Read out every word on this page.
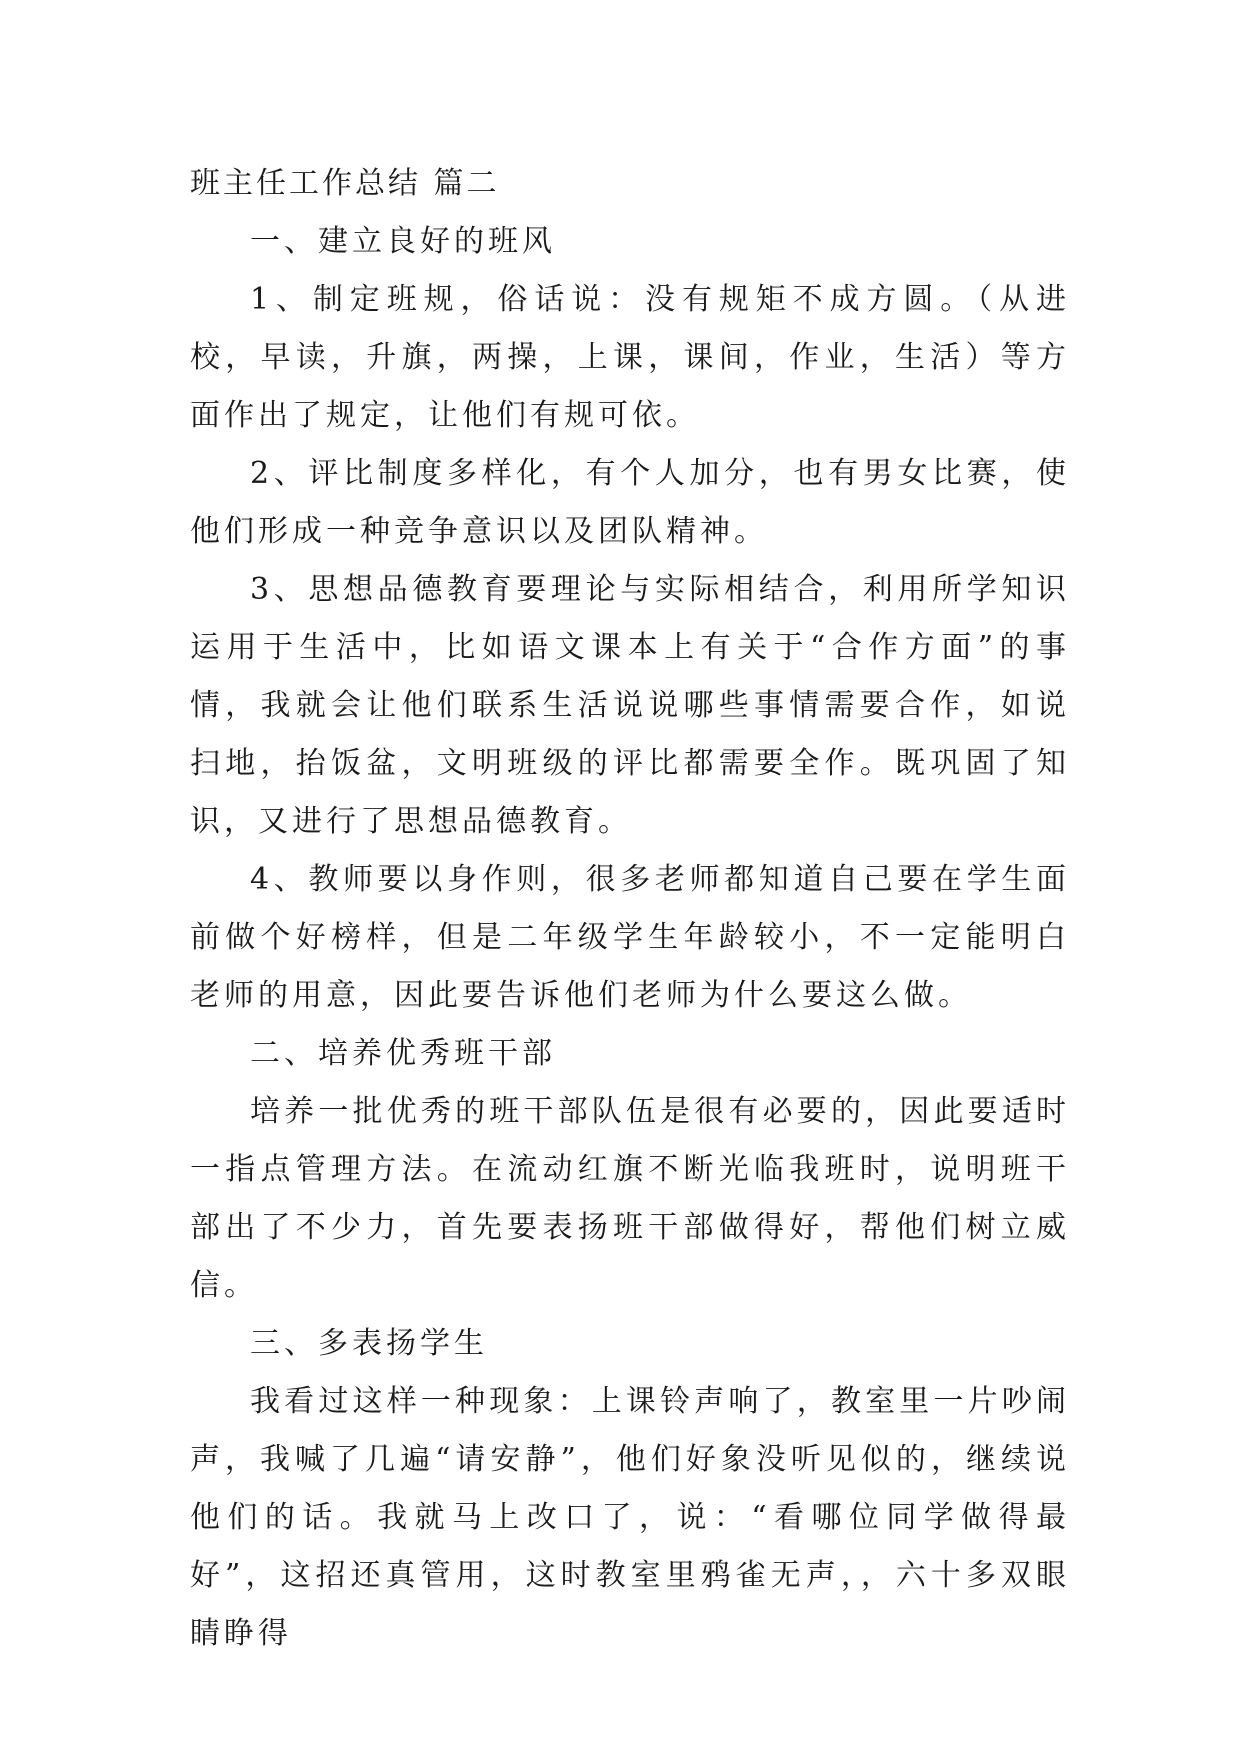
班主任工作总结 篇二

一、建立良好的班风

1、制定班规，俗话说：没有规矩不成方圆。（从进校，早读，升旗，两操，上课，课间，作业，生活）等方面作出了规定，让他们有规可依。

2、评比制度多样化，有个人加分，也有男女比赛，使他们形成一种竞争意识以及团队精神。

3、思想品德教育要理论与实际相结合，利用所学知识运用于生活中，比如语文课本上有关于“合作方面”的事情，我就会让他们联系生活说说哪些事情需要合作，如说扫地，抬饭盆，文明班级的评比都需要全作。既巩固了知识，又进行了思想品德教育。

4、教师要以身作则，很多老师都知道自己要在学生面前做个好榜样，但是二年级学生年龄较小，不一定能明白老师的用意，因此要告诉他们老师为什么要这么做。

二、培养优秀班干部

培养一批优秀的班干部队伍是很有必要的，因此要适时一指点管理方法。在流动红旗不断光临我班时，说明班干部出了不少力，首先要表扬班干部做得好，帮他们树立威信。

三、多表扬学生

我看过这样一种现象：上课铃声响了，教室里一片吵闹声，我喊了几遍“请安静”，他们好象没听见似的，继续说他们的话。我就马上改口了，说：“看哪位同学做得最好”，这招还真管用，这时教室里鸦雀无声，，六十多双眼睛睁得
